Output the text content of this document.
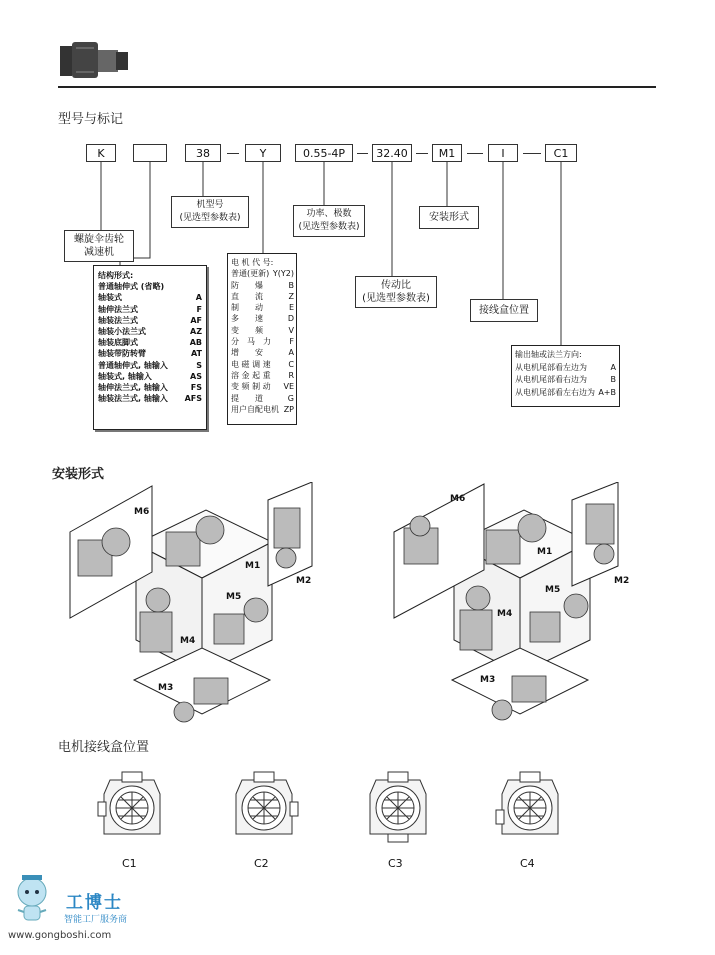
型号与标记
K	38	Y	0.55-4P	32.40	M1	I	C1
螺旋伞齿轮
减速机
机型号
(见选型参数表)	功率、极数
(见选型参数表)
安装形式
传动比
(见选型参数表)
接线盒位置
结构形式:
普通轴伸式 (省略)
轴装式	A
轴伸法兰式	F
轴装法兰式	AF
轴装小法兰式	AZ
轴装底脚式	AB
轴装带防转臂	AT
普通轴伸式, 轴输入	S
轴装式, 轴输入	AS
轴伸法兰式, 轴输入	FS
轴装法兰式, 轴输入 AFS
电 机 代 号:
普通(更新) Y(Y2)
防　　爆	B
直　　流	Z
制　　动	E
多　　速	D
变　　频	V
分　马　力 F
增　　安	A
电 磁 调 速 C
溶 金 起 重 R
变 频 制 动 VE
提　　道	G
用户自配电机 ZP
输出轴或法兰方向:
从电机尾部看左边为	A
从电机尾部看右边为	B
从电机尾部看左右边为 A+B
安装形式
M6
M1
M2
M5
M4
M3
M6
M1
M2
M5
M4
M3
电机接线盒位置
C1	C2	C3	C4
工博士
智能工厂服务商
www.gongboshi.com
